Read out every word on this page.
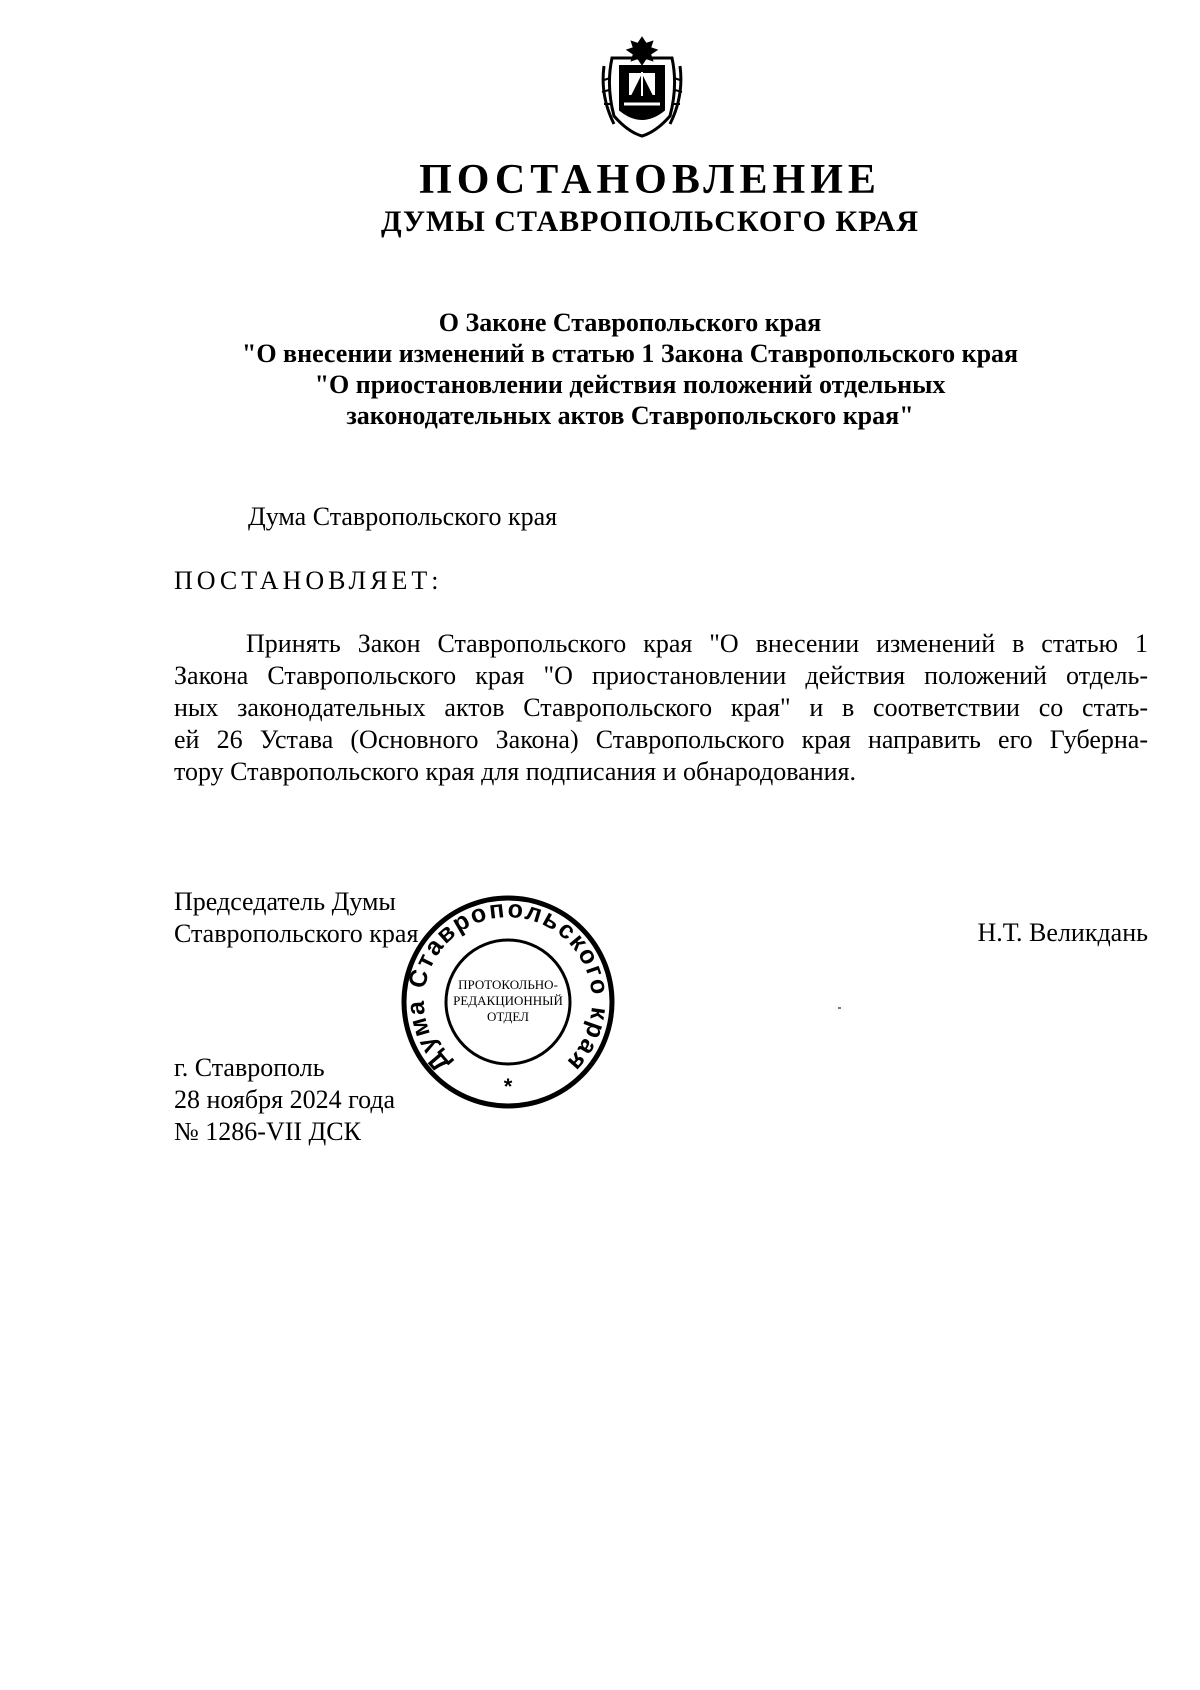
ПОСТАНОВЛЕНИЕ
ДУМЫ СТАВРОПОЛЬСКОГО КРАЯ
О Законе Ставропольского края
"О внесении изменений в статью 1 Закона Ставропольского края
"О приостановлении действия положений отдельных
законодательных актов Ставропольского края"

Дума Ставропольского края

ПОСТАНОВЛЯЕТ:

Принять Закон Ставропольского края "О внесении изменений в статью 1
Закона Ставропольского края "О приостановлении действия положений отдель-
ных законодательных актов Ставропольского края" и в соответствии со стать-
ей 26 Устава (Основного Закона) Ставропольского края направить его Губерна-
тору Ставропольского края для подписания и обнародования.
Председатель Думы
Ставропольского края	Н.Т. Великдань

г. Ставрополь
28 ноября 2024 года
№ 1286-VII ДСК
Дума Ставропольского края
ПРОТОКОЛЬНО-
РЕДАКЦИОННЫЙ
ОТДЕЛ
*
